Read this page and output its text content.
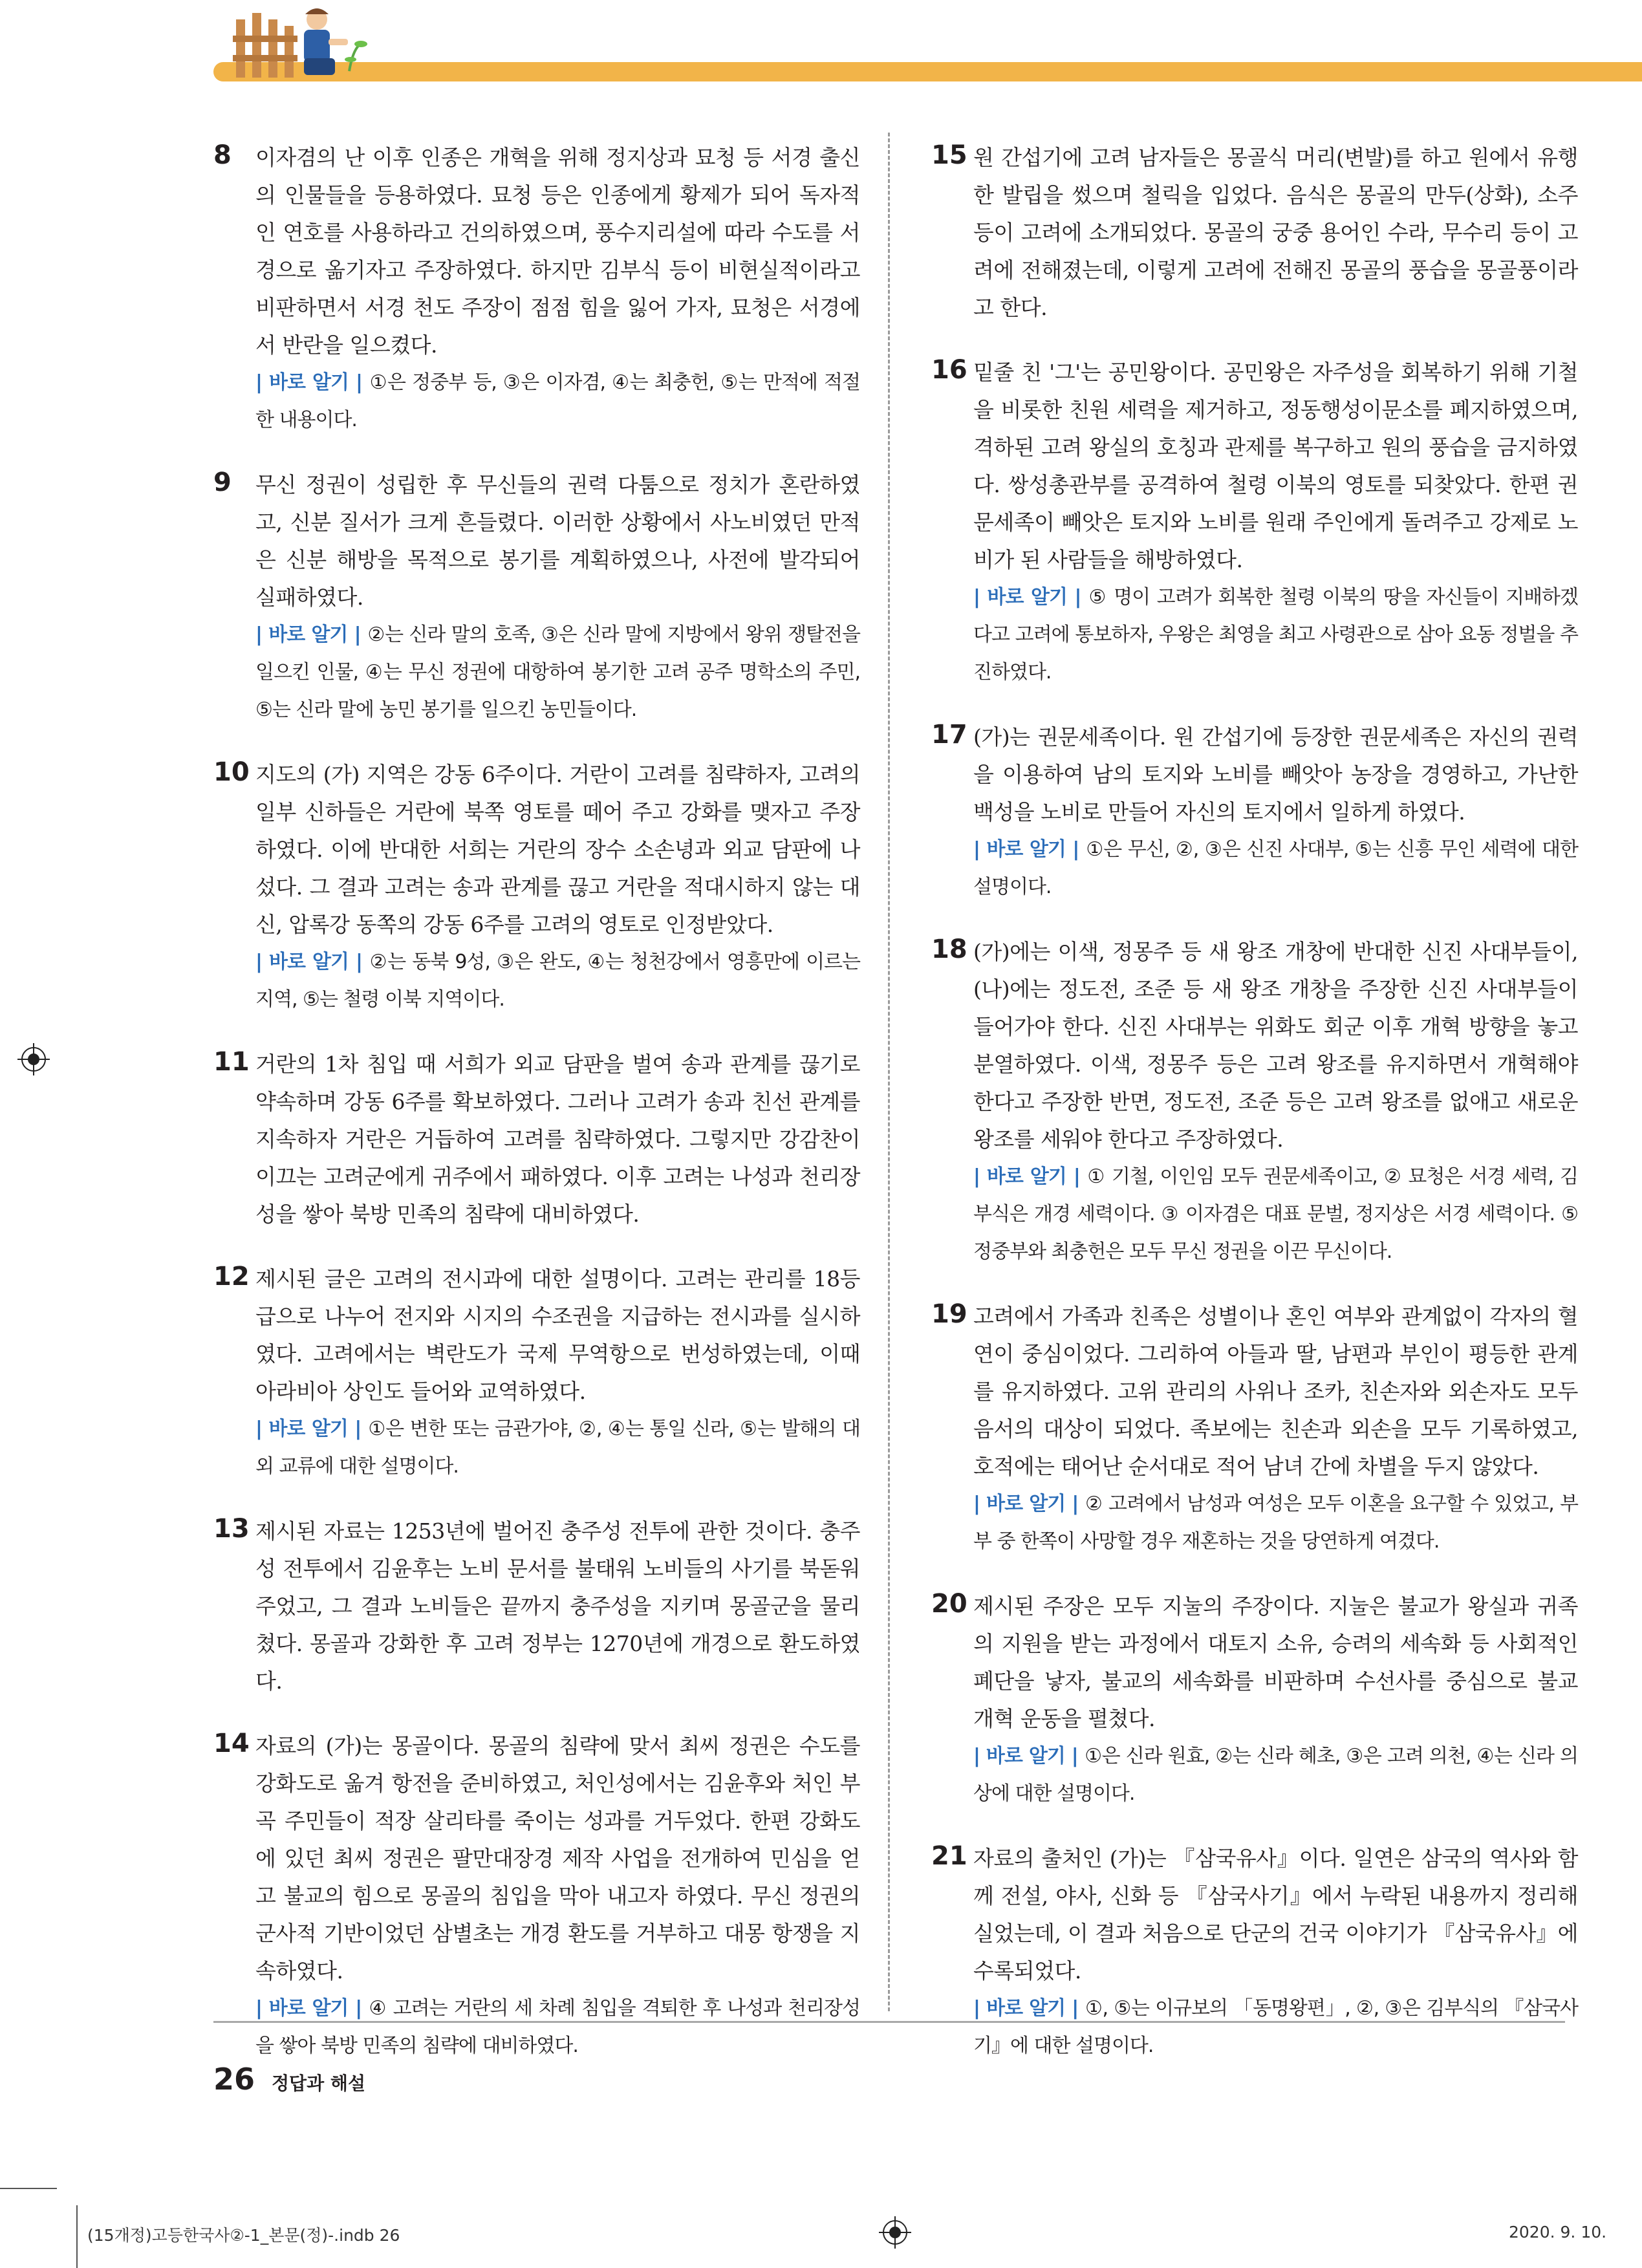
8 이자겸의 난 이후 인종은 개혁을 위해 정지상과 묘청 등 서경 출신의 인물들을 등용하였다. 묘청 등은 인종에게 황제가 되어 독자적인 연호를 사용하라고 건의하였으며, 풍수지리설에 따라 수도를 서경으로 옮기자고 주장하였다. 하지만 김부식 등이 비현실적이라고 비판하면서 서경 천도 주장이 점점 힘을 잃어 가자, 묘청은 서경에서 반란을 일으켰다.

| 바로 알기 | ①은 정중부 등, ③은 이자겸, ④는 최충헌, ⑤는 만적에 적절한 내용이다.

9 무신 정권이 성립한 후 무신들의 권력 다툼으로 정치가 혼란하였고, 신분 질서가 크게 흔들렸다. 이러한 상황에서 사노비였던 만적은 신분 해방을 목적으로 봉기를 계획하였으나, 사전에 발각되어 실패하였다.

| 바로 알기 | ②는 신라 말의 호족, ③은 신라 말에 지방에서 왕위 쟁탈전을 일으킨 인물, ④는 무신 정권에 대항하여 봉기한 고려 공주 명학소의 주민, ⑤는 신라 말에 농민 봉기를 일으킨 농민들이다.

10 지도의 (가) 지역은 강동 6주이다. 거란이 고려를 침략하자, 고려의 일부 신하들은 거란에 북쪽 영토를 떼어 주고 강화를 맺자고 주장하였다. 이에 반대한 서희는 거란의 장수 소손녕과 외교 담판에 나섰다. 그 결과 고려는 송과 관계를 끊고 거란을 적대시하지 않는 대신, 압록강 동쪽의 강동 6주를 고려의 영토로 인정받았다.

| 바로 알기 | ②는 동북 9성, ③은 완도, ④는 청천강에서 영흥만에 이르는 지역, ⑤는 철령 이북 지역이다.

11 거란의 1차 침입 때 서희가 외교 담판을 벌여 송과 관계를 끊기로 약속하며 강동 6주를 확보하였다. 그러나 고려가 송과 친선 관계를 지속하자 거란은 거듭하여 고려를 침략하였다. 그렇지만 강감찬이 이끄는 고려군에게 귀주에서 패하였다. 이후 고려는 나성과 천리장성을 쌓아 북방 민족의 침략에 대비하였다.

12 제시된 글은 고려의 전시과에 대한 설명이다. 고려는 관리를 18등급으로 나누어 전지와 시지의 수조권을 지급하는 전시과를 실시하였다. 고려에서는 벽란도가 국제 무역항으로 번성하였는데, 이때 아라비아 상인도 들어와 교역하였다.

| 바로 알기 | ①은 변한 또는 금관가야, ②, ④는 통일 신라, ⑤는 발해의 대외 교류에 대한 설명이다.

13 제시된 자료는 1253년에 벌어진 충주성 전투에 관한 것이다. 충주성 전투에서 김윤후는 노비 문서를 불태워 노비들의 사기를 북돋워 주었고, 그 결과 노비들은 끝까지 충주성을 지키며 몽골군을 물리쳤다. 몽골과 강화한 후 고려 정부는 1270년에 개경으로 환도하였다.

14 자료의 (가)는 몽골이다. 몽골의 침략에 맞서 최씨 정권은 수도를 강화도로 옮겨 항전을 준비하였고, 처인성에서는 김윤후와 처인 부곡 주민들이 적장 살리타를 죽이는 성과를 거두었다. 한편 강화도에 있던 최씨 정권은 팔만대장경 제작 사업을 전개하여 민심을 얻고 불교의 힘으로 몽골의 침입을 막아 내고자 하였다. 무신 정권의 군사적 기반이었던 삼별초는 개경 환도를 거부하고 대몽 항쟁을 지속하였다.

| 바로 알기 | ④ 고려는 거란의 세 차례 침입을 격퇴한 후 나성과 천리장성을 쌓아 북방 민족의 침략에 대비하였다.

15 원 간섭기에 고려 남자들은 몽골식 머리(변발)를 하고 원에서 유행한 발립을 썼으며 철릭을 입었다. 음식은 몽골의 만두(상화), 소주 등이 고려에 소개되었다. 몽골의 궁중 용어인 수라, 무수리 등이 고려에 전해졌는데, 이렇게 고려에 전해진 몽골의 풍습을 몽골풍이라고 한다.

16 밑줄 친 '그'는 공민왕이다. 공민왕은 자주성을 회복하기 위해 기철을 비롯한 친원 세력을 제거하고, 정동행성이문소를 폐지하였으며, 격하된 고려 왕실의 호칭과 관제를 복구하고 원의 풍습을 금지하였다. 쌍성총관부를 공격하여 철령 이북의 영토를 되찾았다. 한편 권문세족이 빼앗은 토지와 노비를 원래 주인에게 돌려주고 강제로 노비가 된 사람들을 해방하였다.

| 바로 알기 | ⑤ 명이 고려가 회복한 철령 이북의 땅을 자신들이 지배하겠다고 고려에 통보하자, 우왕은 최영을 최고 사령관으로 삼아 요동 정벌을 추진하였다.

17 (가)는 권문세족이다. 원 간섭기에 등장한 권문세족은 자신의 권력을 이용하여 남의 토지와 노비를 빼앗아 농장을 경영하고, 가난한 백성을 노비로 만들어 자신의 토지에서 일하게 하였다.

| 바로 알기 | ①은 무신, ②, ③은 신진 사대부, ⑤는 신흥 무인 세력에 대한 설명이다.

18 (가)에는 이색, 정몽주 등 새 왕조 개창에 반대한 신진 사대부들이, (나)에는 정도전, 조준 등 새 왕조 개창을 주장한 신진 사대부들이 들어가야 한다. 신진 사대부는 위화도 회군 이후 개혁 방향을 놓고 분열하였다. 이색, 정몽주 등은 고려 왕조를 유지하면서 개혁해야 한다고 주장한 반면, 정도전, 조준 등은 고려 왕조를 없애고 새로운 왕조를 세워야 한다고 주장하였다.

| 바로 알기 | ① 기철, 이인임 모두 권문세족이고, ② 묘청은 서경 세력, 김부식은 개경 세력이다. ③ 이자겸은 대표 문벌, 정지상은 서경 세력이다. ⑤ 정중부와 최충헌은 모두 무신 정권을 이끈 무신이다.

19 고려에서 가족과 친족은 성별이나 혼인 여부와 관계없이 각자의 혈연이 중심이었다. 그리하여 아들과 딸, 남편과 부인이 평등한 관계를 유지하였다. 고위 관리의 사위나 조카, 친손자와 외손자도 모두 음서의 대상이 되었다. 족보에는 친손과 외손을 모두 기록하였고, 호적에는 태어난 순서대로 적어 남녀 간에 차별을 두지 않았다.

| 바로 알기 | ② 고려에서 남성과 여성은 모두 이혼을 요구할 수 있었고, 부부 중 한쪽이 사망할 경우 재혼하는 것을 당연하게 여겼다.

20 제시된 주장은 모두 지눌의 주장이다. 지눌은 불교가 왕실과 귀족의 지원을 받는 과정에서 대토지 소유, 승려의 세속화 등 사회적인 폐단을 낳자, 불교의 세속화를 비판하며 수선사를 중심으로 불교 개혁 운동을 펼쳤다.

| 바로 알기 | ①은 신라 원효, ②는 신라 혜초, ③은 고려 의천, ④는 신라 의상에 대한 설명이다.

21 자료의 출처인 (가)는 『삼국유사』이다. 일연은 삼국의 역사와 함께 전설, 야사, 신화 등 『삼국사기』에서 누락된 내용까지 정리해 실었는데, 이 결과 처음으로 단군의 건국 이야기가 『삼국유사』에 수록되었다.

| 바로 알기 | ①, ⑤는 이규보의 「동명왕편」, ②, ③은 김부식의 『삼국사기』에 대한 설명이다.

26 정답과 해설
(15개정)고등한국사②-1_본문(정)-.indb 26	2020. 9. 10.
